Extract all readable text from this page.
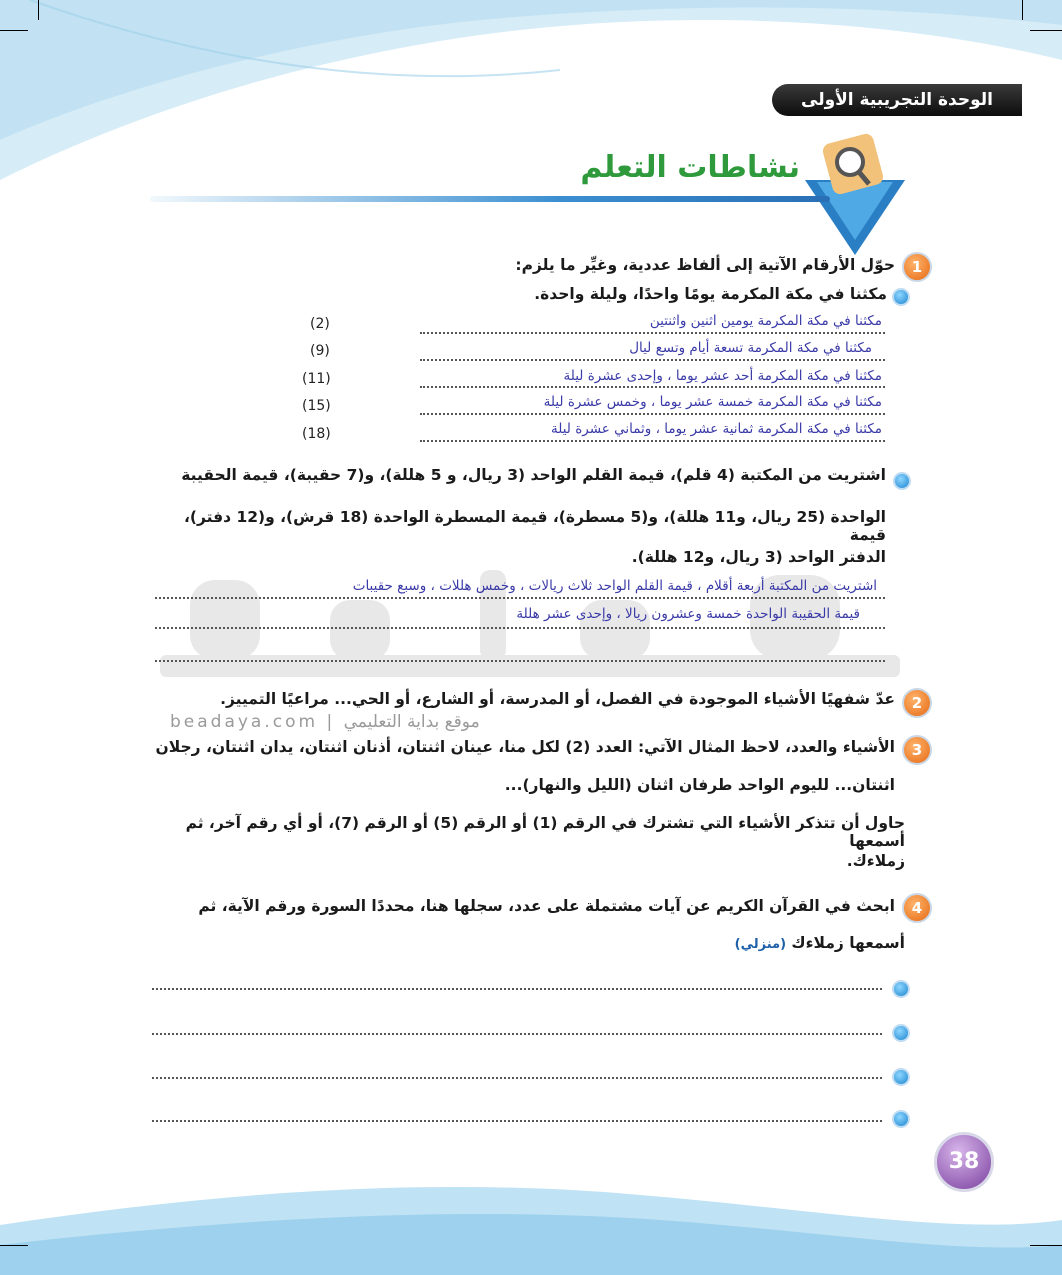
الوحدة التجريبية الأولى
نشاطات التعلم
beadaya.com | موقع بداية التعليمي
1
حوّل الأرقام الآتية إلى ألفاظ عددية، وغيِّر ما يلزم:
مكثنا في مكة المكرمة يومًا واحدًا، وليلة واحدة.
مكثنا في مكة المكرمة يومين اثنين واثنتين
(2)
مكثنا في مكة المكرمة تسعة أيام وتسع ليال
(9)
مكثنا في مكة المكرمة أحد عشر يوما ، وإحدى عشرة ليلة
(11)
مكثنا في مكة المكرمة خمسة عشر يوما ، وخمس عشرة ليلة
(15)
مكثنا في مكة المكرمة ثمانية عشر يوما ، وثماني عشرة ليلة
(18)
اشتريت من المكتبة (4 قلم)، قيمة القلم الواحد (3 ريال، و 5 هللة)، و(7 حقيبة)، قيمة الحقيبة
الواحدة (25 ريال، و11 هللة)، و(5 مسطرة)، قيمة المسطرة الواحدة (18 قرش)، و(12 دفتر)، قيمة
الدفتر الواحد (3 ريال، و12 هللة).
اشتريت من المكتبة أربعة أقلام ، قيمة القلم الواحد ثلاث ريالات ، وخمس هللات ، وسبع حقيبات
قيمة الحقيبة الواحدة خمسة وعشرون ريالا ، وإحدى عشر هللة
2
عدّ شفهيًا الأشياء الموجودة في الفصل، أو المدرسة، أو الشارع، أو الحي... مراعيًا التمييز.
3
الأشياء والعدد، لاحظ المثال الآتي: العدد (2) لكل منا، عينان اثنتان، أذنان اثنتان، يدان اثنتان، رجلان
اثنتان... لليوم الواحد طرفان اثنان (الليل والنهار)...
حاول أن تتذكر الأشياء التي تشترك في الرقم (1) أو الرقم (5) أو الرقم (7)، أو أي رقم آخر، ثم أسمعها
زملاءك.
4
ابحث في القرآن الكريم عن آيات مشتملة على عدد، سجلها هنا، محددًا السورة ورقم الآية، ثم
أسمعها زملاءك (منزلي)
38
